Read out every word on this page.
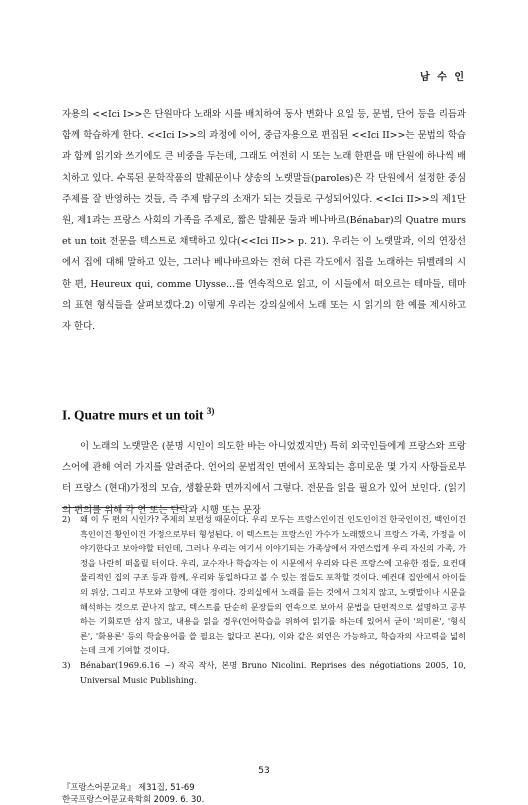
남 수 인

자용의 <<Ici I>>은 단원마다 노래와 시를 배치하여 동사 변화나 요일 등, 문법, 단어 등을 리듬과 함께 학습하게 한다. <<Ici I>>의 과정에 이어, 중급자용으로 편집된 <<Ici II>>는 문법의 학습과 함께 읽기와 쓰기에도 큰 비중을 두는데, 그래도 여전히 시 또는 노래 한편을 매 단원에 하나씩 배치하고 있다. 수록된 문학작품의 발췌문이나 샹송의 노랫말들(paroles)은 각 단원에서 설정한 중심 주제를 잘 반영하는 것들, 즉 주제 탐구의 소재가 되는 것들로 구성되어있다. <<Ici II>>의 제1단원, 제1과는 프랑스 사회의 가족을 주제로, 짧은 발췌문 둘과 베나바르(Bénabar)의 Quatre murs et un toit 전문을 텍스트로 채택하고 있다(<<Ici II>> p. 21). 우리는 이 노랫말과, 이의 연장선에서 집에 대해 말하고 있는, 그러나 베나바르와는 전혀 다른 각도에서 집을 노래하는 뒤벨레의 시 한 편, Heureux qui, comme Ulysse...를 연속적으로 읽고, 이 시들에서 떠오르는 테마들, 테마의 표현 형식들을 살펴보겠다.2) 이렇게 우리는 강의실에서 노래 또는 시 읽기의 한 예를 제시하고자 한다.

I. Quatre murs et un toit $^{3)}$
이 노래의 노랫말은 (분명 시인이 의도한 바는 아니었겠지만) 특히 외국인들에게 프랑스와 프랑스어에 관해 여러 가지를 알려준다. 언어의 문법적인 면에서 포착되는 흥미로운 몇 가지 사항들로부터 프랑스 (현대)가정의 모습, 생활문화 면까지에서 그렇다. 전문을 읽을 필요가 있어 보인다. (읽기의 편의를 위해 각 연 또는 단락과 시행 또는 문장
2)	왜 이 두 편의 시인가? 주제의 보편성 때문이다. 우리 모두는 프랑스인이건 인도인이건 한국인이건, 백인이건 흑인이건 황인이건 가정으로부터 형성된다. 이 텍스트는 프랑스인 가수가 노래했으니 프랑스 가족, 가정을 이야기한다고 보아야할 터인데, 그러나 우리는 여기서 이야기되는 가족상에서 자연스럽게 우리 자신의 가족, 가정을 나란히 떠올릴 터이다. 우리, 교수자나 학습자는 이 시문에서 우리와 다른 프랑스에 고유한 점들, 요컨대 물리적인 집의 구조 등과 함께, 우리와 동일하다고 볼 수 있는 점들도 포착할 것이다. 예컨대 집안에서 아이들의 위상, 그리고 부모와 고향에 대한 정이다. 강의실에서 노래를 듣는 것에서 그치지 않고, 노랫말이나 시문을 해석하는 것으로 끝나지 않고, 텍스트를 단순히 문장들의 연속으로 보아서 문법을 단편적으로 설명하고 공부하는 기회로만 삼지 않고, 내용을 읽을 경우(언어학습을 위하여 읽기를 하는데 있어서 굳이 '의미론', '형식론', '화용론' 등의 학술용어를 쓸 필요는 없다고 본다), 이와 같은 외연은 가능하고, 학습자의 사고력을 넓히는데 크게 기여할 것이다.
3)	Bénabar(1969.6.16 ~) 작곡 작사, 본명 Bruno Nicolini. Reprises des négotiations 2005, 10, Universal Music Publishing.
53
『프랑스어문교육』 제31집, 51-69
한국프랑스어문교육학회 2009. 6. 30.
